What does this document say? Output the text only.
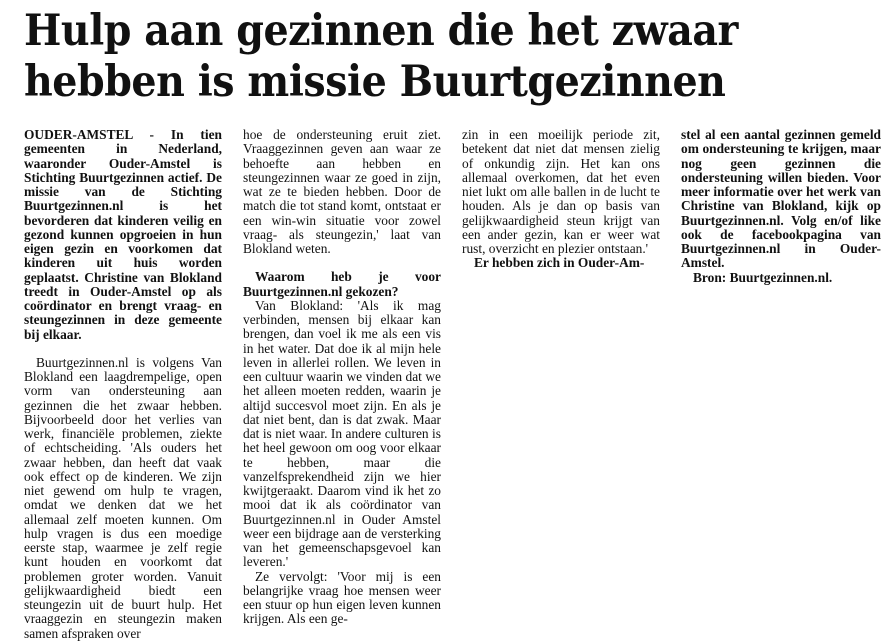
Hulp aan gezinnen die het zwaar hebben is missie Buurtgezinnen

OUDER-AMSTEL - In tien gemeenten in Nederland, waaronder Ouder-Amstel is Stichting Buurtgezinnen actief. De missie van de Stichting Buurtgezinnen.nl is het bevorderen dat kinderen veilig en gezond kunnen opgroeien in hun eigen gezin en voorkomen dat kinderen uit huis worden geplaatst. Christine van Blokland treedt in Ouder-Amstel op als coördinator en brengt vraag- en steungezinnen in deze gemeente bij elkaar.

Buurtgezinnen.nl is volgens Van Blokland een laagdrempelige, open vorm van ondersteuning aan gezinnen die het zwaar hebben. Bijvoorbeeld door het verlies van werk, financiële problemen, ziekte of echtscheiding. 'Als ouders het zwaar hebben, dan heeft dat vaak ook effect op de kinderen. We zijn niet gewend om hulp te vragen, omdat we denken dat we het allemaal zelf moeten kunnen. Om hulp vragen is dus een moedige eerste stap, waarmee je zelf regie kunt houden en voorkomt dat problemen groter worden. Vanuit gelijkwaardigheid biedt een steungezin uit de buurt hulp. Het vraaggezin en steungezin maken samen afspraken over

hoe de ondersteuning eruit ziet. Vraaggezinnen geven aan waar ze behoefte aan hebben en steungezinnen waar ze goed in zijn, wat ze te bieden hebben. Door de match die tot stand komt, ontstaat er een win-win situatie voor zowel vraag- als steungezin,' laat van Blokland weten.

Waarom heb je voor Buurtgezinnen.nl gekozen?

Van Blokland: 'Als ik mag verbinden, mensen bij elkaar kan brengen, dan voel ik me als een vis in het water. Dat doe ik al mijn hele leven in allerlei rollen. We leven in een cultuur waarin we vinden dat we het alleen moeten redden, waarin je altijd succesvol moet zijn. En als je dat niet bent, dan is dat zwak. Maar dat is niet waar. In andere culturen is het heel gewoon om oog voor elkaar te hebben, maar die vanzelfsprekendheid zijn we hier kwijtgeraakt. Daarom vind ik het zo mooi dat ik als coördinator van Buurtgezinnen.nl in Ouder Amstel weer een bijdrage aan de versterking van het gemeenschapsgevoel kan leveren.'

Ze vervolgt: 'Voor mij is een belangrijke vraag hoe mensen weer een stuur op hun eigen leven kunnen krijgen. Als een ge-

zin in een moeilijk periode zit, betekent dat niet dat mensen zielig of onkundig zijn. Het kan ons allemaal overkomen, dat het even niet lukt om alle ballen in de lucht te houden. Als je dan op basis van gelijkwaardigheid steun krijgt van een ander gezin, kan er weer wat rust, overzicht en plezier ontstaan.'

Er hebben zich in Ouder-Am-

stel al een aantal gezinnen gemeld om ondersteuning te krijgen, maar nog geen gezinnen die ondersteuning willen bieden. Voor meer informatie over het werk van Christine van Blokland, kijk op Buurtgezinnen.nl. Volg en/of like ook de facebookpagina van Buurtgezinnen.nl in Ouder-Amstel.

Bron: Buurtgezinnen.nl.
